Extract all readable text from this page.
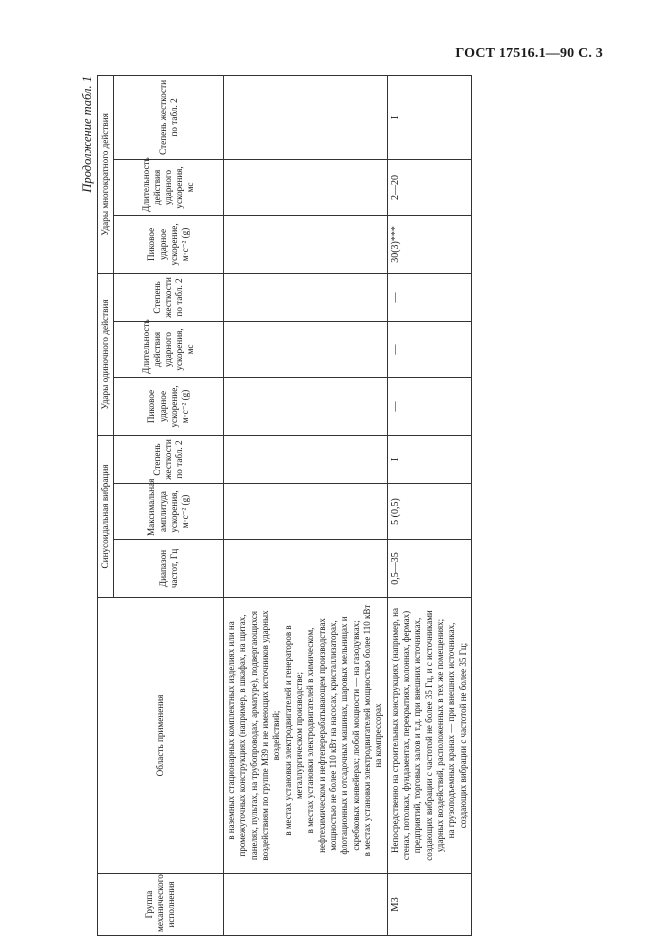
ГОСТ 17516.1—90 С. 3
Продолжение табл. 1
Группа механического исполнения	Область применения	Синусоидальная вибрация			Удары одиночного действия			Удары многократного действия		
		Диапазон частот, Гц	Максимальная амплитуда ускорения, м·с⁻² (g)	Степень жесткости по табл. 2	Пиковое ударное ускорение, м·с⁻² (g)	Длительность действия ударного ускорения, мс	Степень жесткости по табл. 2	Пиковое ударное ускорение, м·с⁻² (g)	Длительность действия ударного ускорения, мс	Степень жесткости по табл. 2

	в наземных стационарных комплектных изделиях или на промежуточных конструкциях (например, в шкафах, на щитах, панелях, пультах, на трубопроводах, арматуре), подвергающихся воздействиям по группе М39 и не имеющих источников ударных воздействий; в местах установки электродвигателей и генераторов в металлургическом производстве; в местах установки электродвигателей в химическом, нефтехимическом и нефтеперерабатывающем производствах мощностью не более 110 кВт на насосах, кристаллизаторах, флотационных и отсадочных машинах, шаровых мельницах и скребковых конвейерах; любой мощности — на газодувках; в местах установки электродвигателей мощностью более 110 кВт на компрессорах									

М3	Непосредственно на строительных конструкциях (например, на стенах, потолках, фундаментах, перекрытиях, колоннах, фермах) предприятий, торговых залов и т.д. при внешних источниках, создающих вибрации с частотой не более 35 Гц, и с источниками ударных воздействий, расположенных в тех же помещениях; на грузоподъемных кранах — при внешних источниках, создающих вибрации с частотой не более 35 Гц;	0,5—35	5 (0,5)	I	—	—	—	30(3)***	2—20	I
